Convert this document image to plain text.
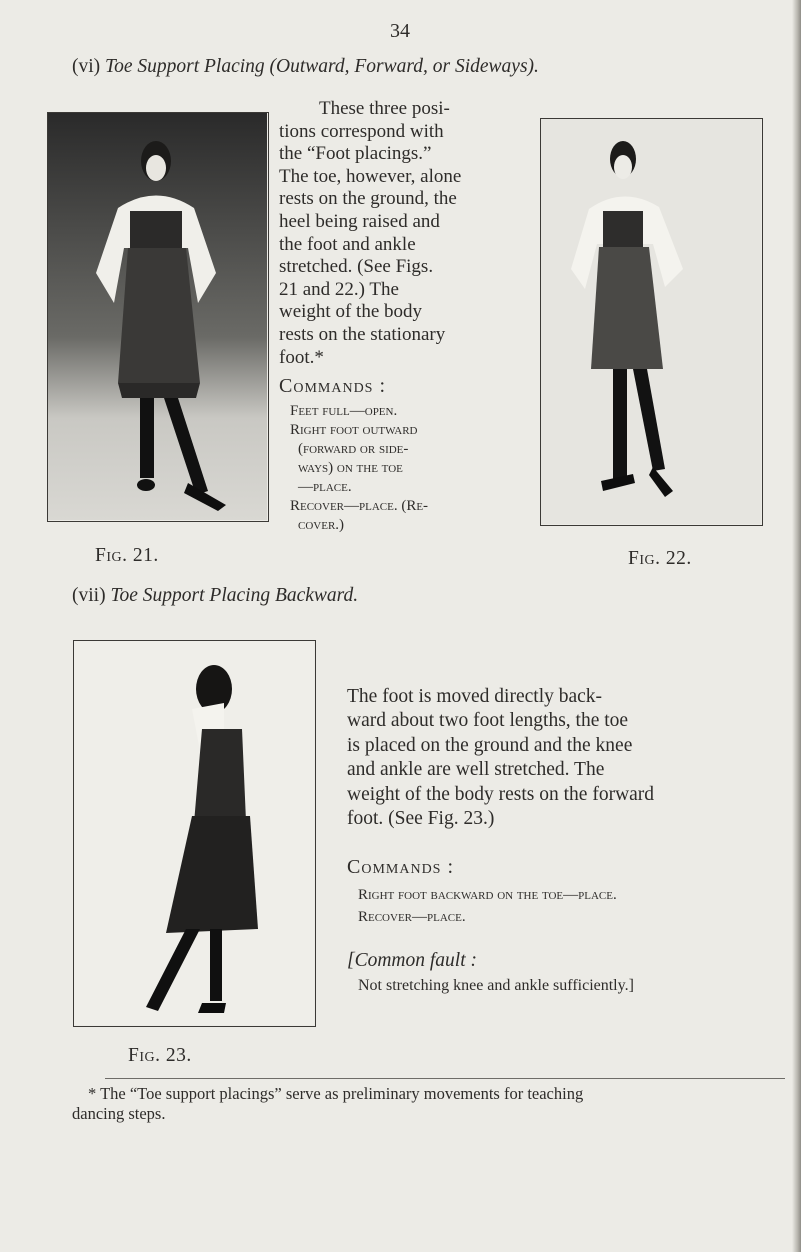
34
(vi) Toe Support Placing (Outward, Forward, or Sideways).
These three posi-
tions correspond with
the “Foot placings.”
The toe, however, alone
rests on the ground, the
heel being raised and
the foot and ankle
stretched. (See Figs.
21 and 22.) The
weight of the body
rests on the stationary
foot.*
Commands :
Feet full—open.
Right foot outward
(forward or side-
ways) on the toe
—place.
Recover—place. (Re-
cover.)
Fig. 21.	Fig. 22.
(vii) Toe Support Placing Backward.
The foot is moved directly back-
ward about two foot lengths, the toe
is placed on the ground and the knee
and ankle are well stretched. The
weight of the body rests on the forward
foot. (See Fig. 23.)
Commands :
Right foot backward on the toe—place.
Recover—place.
[Common fault :
Not stretching knee and ankle sufficiently.]
Fig. 23.
* The “Toe support placings” serve as preliminary movements for teaching
dancing steps.
